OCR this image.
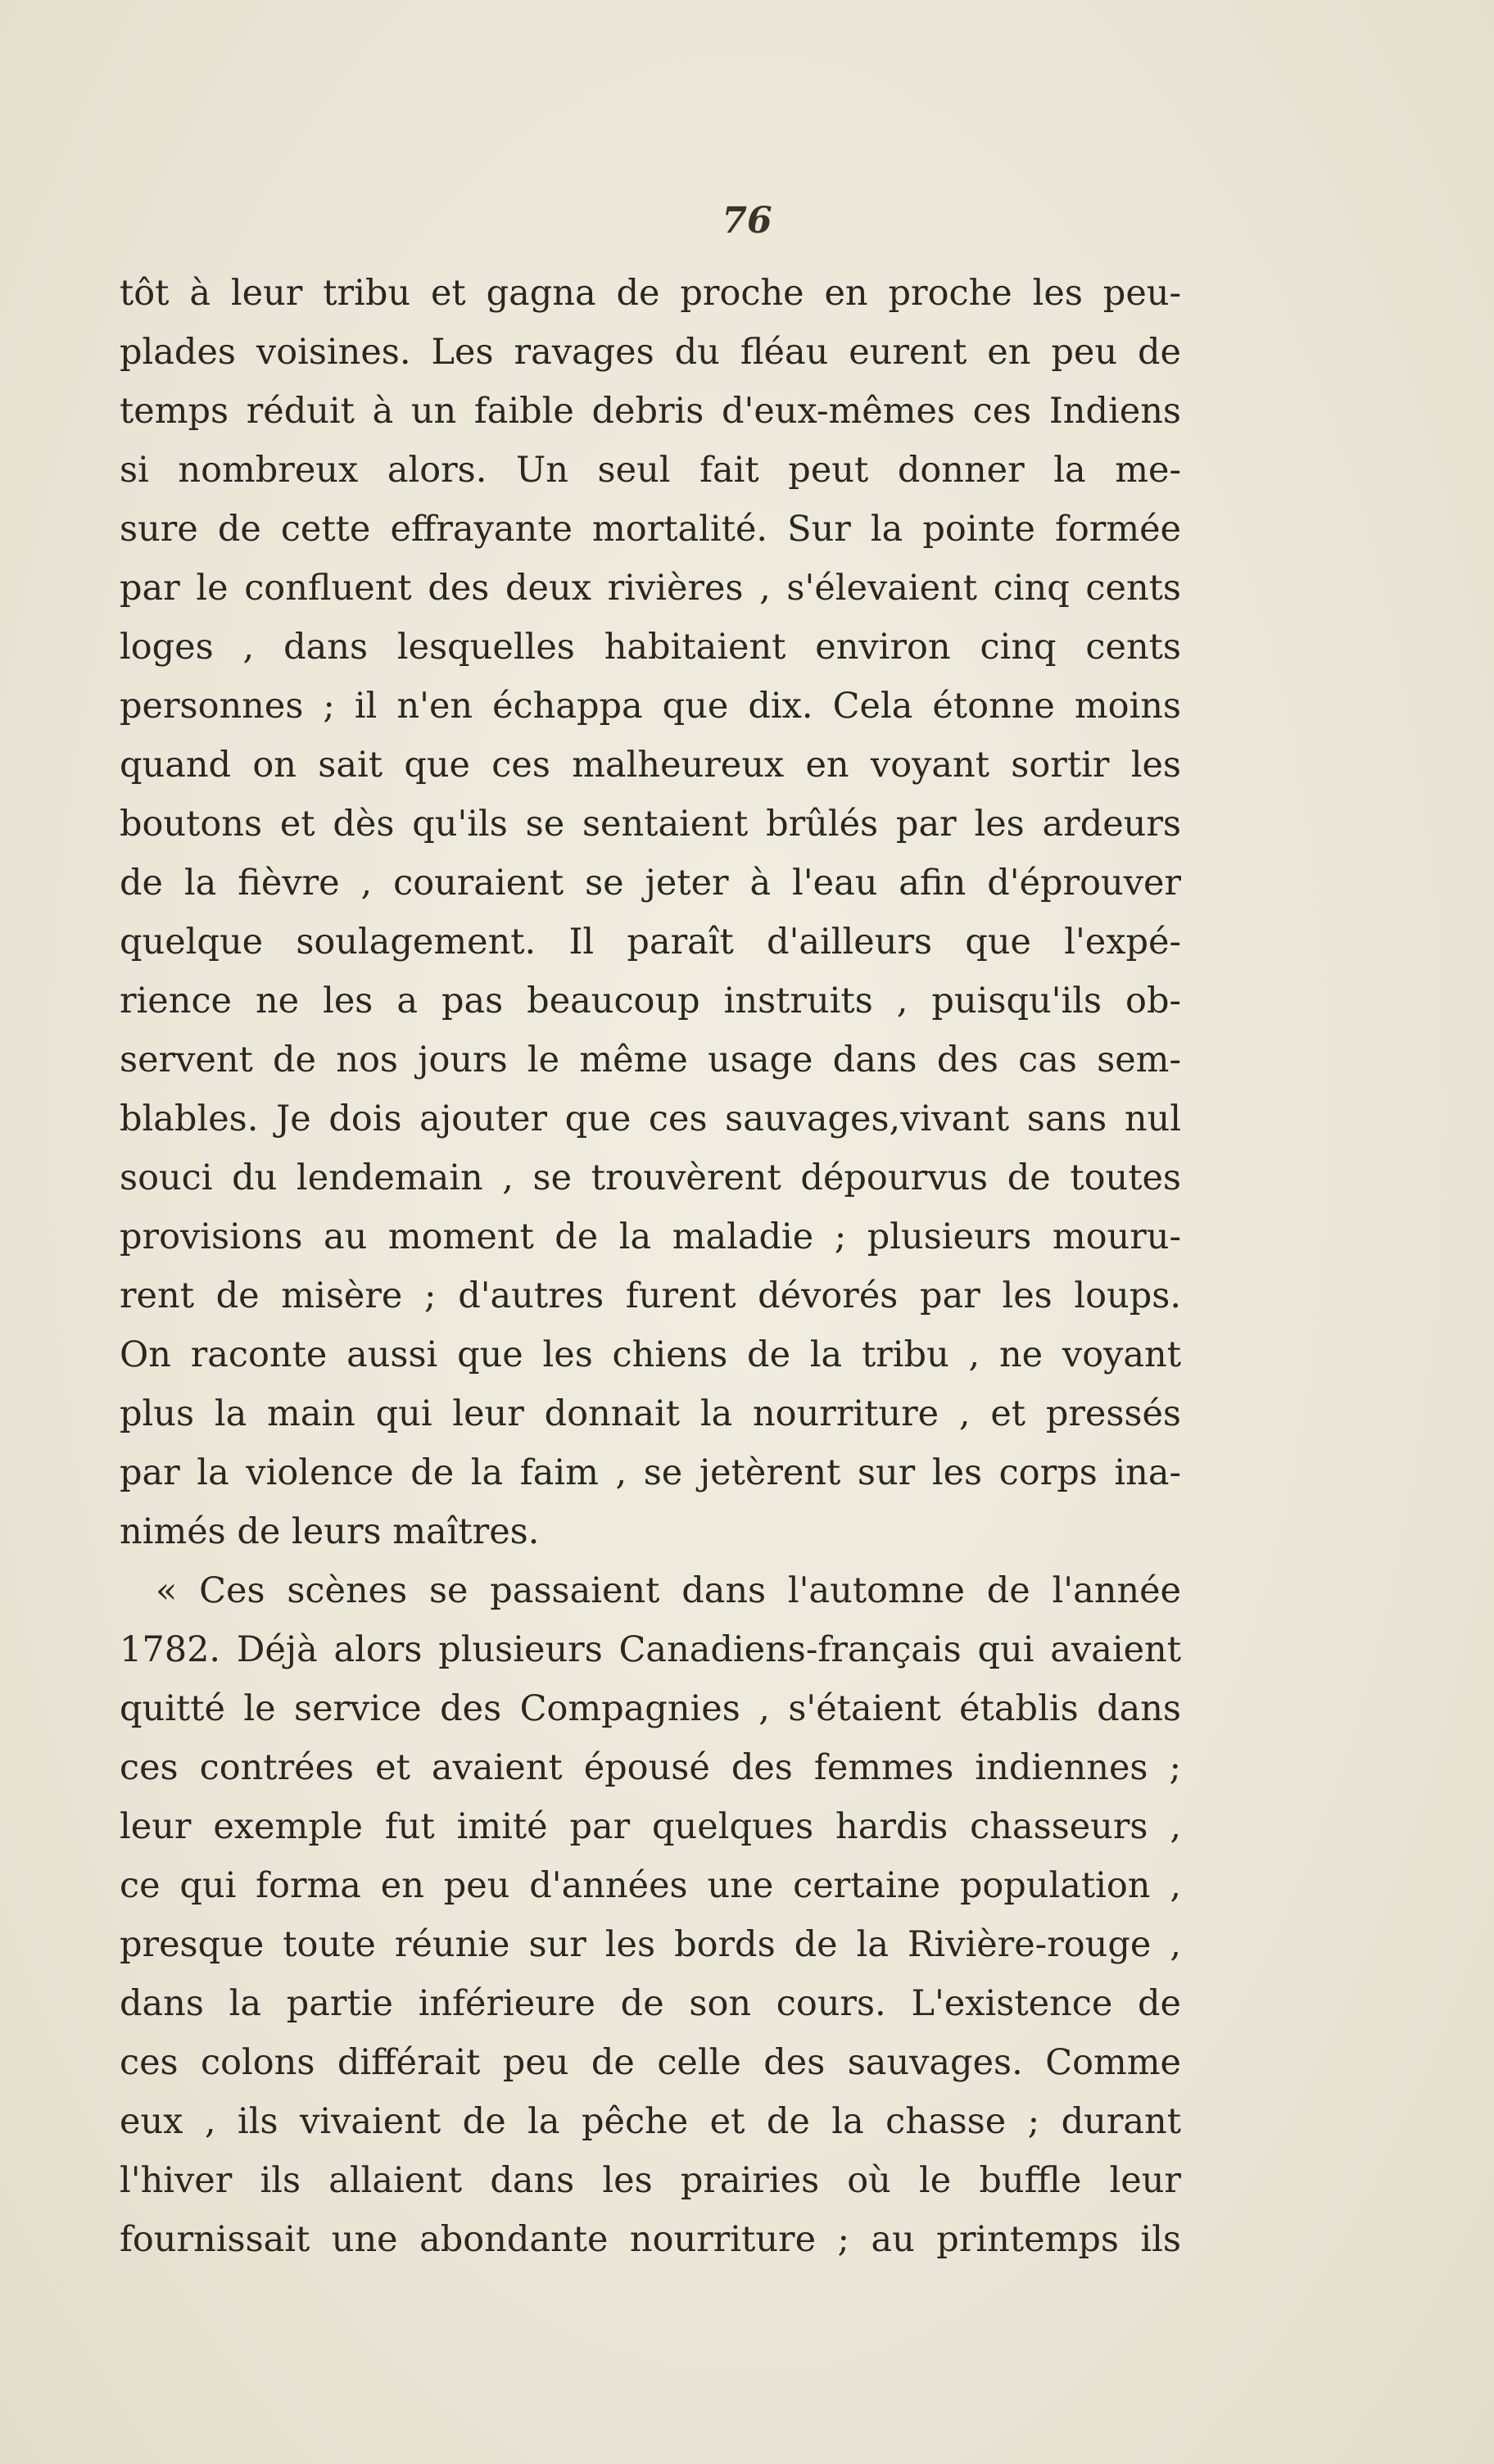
76
tôt à leur tribu et gagna de proche en proche les peu-
plades voisines. Les ravages du fléau eurent en peu de
temps réduit à un faible debris d'eux-mêmes ces Indiens
si nombreux alors. Un seul fait peut donner la me-
sure de cette effrayante mortalité. Sur la pointe formée
par le confluent des deux rivières , s'élevaient cinq cents
loges , dans lesquelles habitaient environ cinq cents
personnes ; il n'en échappa que dix. Cela étonne moins
quand on sait que ces malheureux en voyant sortir les
boutons et dès qu'ils se sentaient brûlés par les ardeurs
de la fièvre , couraient se jeter à l'eau afin d'éprouver
quelque soulagement. Il paraît d'ailleurs que l'expé-
rience ne les a pas beaucoup instruits , puisqu'ils ob-
servent de nos jours le même usage dans des cas sem-
blables. Je dois ajouter que ces sauvages,vivant sans nul
souci du lendemain , se trouvèrent dépourvus de toutes
provisions au moment de la maladie ; plusieurs mouru-
rent de misère ; d'autres furent dévorés par les loups.
On raconte aussi que les chiens de la tribu , ne voyant
plus la main qui leur donnait la nourriture , et pressés
par la violence de la faim , se jetèrent sur les corps ina-
nimés de leurs maîtres.
« Ces scènes se passaient dans l'automne de l'année
1782. Déjà alors plusieurs Canadiens-français qui avaient
quitté le service des Compagnies , s'étaient établis dans
ces contrées et avaient épousé des femmes indiennes ;
leur exemple fut imité par quelques hardis chasseurs ,
ce qui forma en peu d'années une certaine population ,
presque toute réunie sur les bords de la Rivière-rouge ,
dans la partie inférieure de son cours. L'existence de
ces colons différait peu de celle des sauvages. Comme
eux , ils vivaient de la pêche et de la chasse ; durant
l'hiver ils allaient dans les prairies où le buffle leur
fournissait une abondante nourriture ; au printemps ils
